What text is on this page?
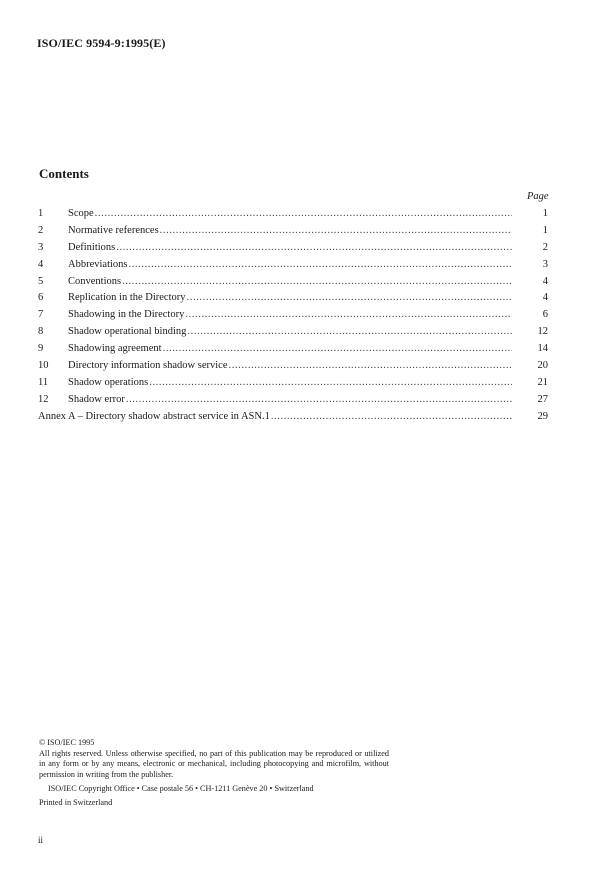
ISO/IEC 9594-9:1995(E)
Contents
Page
1 Scope .....	1
2 Normative references .....	1
3 Definitions .....	2
4 Abbreviations .....	3
5 Conventions .....	4
6 Replication in the Directory .....	4
7 Shadowing in the Directory .....	6
8 Shadow operational binding .....	12
9 Shadowing agreement .....	14
10 Directory information shadow service .....	20
11 Shadow operations .....	21
12 Shadow error .....	27
Annex A – Directory shadow abstract service in ASN.1 .....	29
© ISO/IEC 1995
All rights reserved. Unless otherwise specified, no part of this publication may be reproduced or utilized in any form or by any means, electronic or mechanical, including photocopying and microfilm, without permission in writing from the publisher.
ISO/IEC Copyright Office • Case postale 56 • CH-1211 Genève 20 • Switzerland
Printed in Switzerland
ii
